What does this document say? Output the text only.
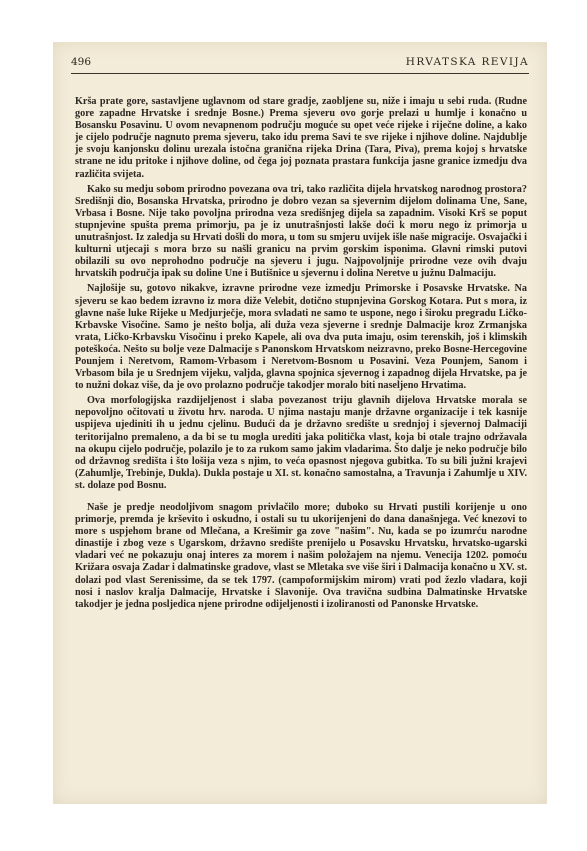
496	HRVATSKA REVIJA

Krša prate gore, sastavljene uglavnom od stare gradje, zaobljene su, niže i imaju u sebi ruda. (Rudne gore zapadne Hrvatske i srednje Bosne.) Prema sjeveru ovo gorje prelazi u humlje i konačno u Bosansku Posavinu. U ovom nevapnenom području moguće su opet veće rijeke i riječne doline, a kako je cijelo područje nagnuto prema sjeveru, tako idu prema Savi te sve rijeke i njihove doline. Najdublje je svoju kanjonsku dolinu urezala istočna granična rijeka Drina (Tara, Piva), prema kojoj s hrvatske strane ne idu pritoke i njihove doline, od čega joj poznata prastara funkcija jasne granice izmedju dva različita svijeta.

Kako su medju sobom prirodno povezana ova tri, tako različita dijela hrvatskog narodnog prostora? Središnji dio, Bosanska Hrvatska, prirodno je dobro vezan sa sjevernim dijelom dolinama Une, Sane, Vrbasa i Bosne. Nije tako povoljna prirodna veza središnjeg dijela sa zapadnim. Visoki Krš se poput stupnjevine spušta prema primorju, pa je iz unutrašnjosti lakše doći k moru nego iz primorja u unutrašnjost. Iz zaledja su Hrvati došli do mora, u tom su smjeru uvijek išle naše migracije. Osvajački i kulturni utjecaji s mora brzo su našli granicu na prvim gorskim isponima. Glavni rimski putovi obilazili su ovo neprohodno područje na sjeveru i jugu. Najpovoljnije prirodne veze ovih dvaju hrvatskih područja ipak su doline Une i Butišnice u sjevernu i dolina Neretve u južnu Dalmaciju.

Najlošije su, gotovo nikakve, izravne prirodne veze izmedju Primorske i Posavske Hrvatske. Na sjeveru se kao bedem izravno iz mora diže Velebit, dotično stupnjevina Gorskog Kotara. Put s mora, iz glavne naše luke Rijeke u Medjurječje, mora svladati ne samo te uspone, nego i široku pregradu Ličko-Krbavske Visočine. Samo je nešto bolja, ali duža veza sjeverne i srednje Dalmacije kroz Zrmanjska vrata, Ličko-Krbavsku Visočinu i preko Kapele, ali ova dva puta imaju, osim terenskih, još i klimskih poteškoća. Nešto su bolje veze Dalmacije s Panonskom Hrvatskom neizravno, preko Bosne-Hercegovine Pounjem i Neretvom, Ramom-Vrbasom i Neretvom-Bosnom u Posavini. Veza Pounjem, Sanom i Vrbasom bila je u Srednjem vijeku, valjda, glavna spojnica sjevernog i zapadnog dijela Hrvatske, pa je to nužni dokaz više, da je ovo prolazno područje takodjer moralo biti naseljeno Hrvatima.

Ova morfologijska razdijeljenost i slaba povezanost triju glavnih dijelova Hrvatske morala se nepovoljno očitovati u životu hrv. naroda. U njima nastaju manje državne organizacije i tek kasnije uspijeva ujediniti ih u jednu cjelinu. Budući da je državno središte u srednjoj i sjevernoj Dalmaciji teritorijalno premaleno, a da bi se tu mogla urediti jaka politička vlast, koja bi otale trajno održavala na okupu cijelo područje, polazilo je to za rukom samo jakim vladarima. Što dalje je neko područje bilo od državnog središta i što lošija veza s njim, to veća opasnost njegova gubitka. To su bili južni krajevi (Zahumlje, Trebinje, Dukla). Dukla postaje u XI. st. konačno samostalna, a Travunja i Zahumlje u XIV. st. dolaze pod Bosnu.

Naše je predje neodoljivom snagom privlačilo more; duboko su Hrvati pustili korijenje u ono primorje, premda je krševito i oskudno, i ostali su tu ukorijenjeni do dana današnjega. Već knezovi to more s uspjehom brane od Mlečana, a Krešimir ga zove "našim". Nu, kada se po izumrću narodne dinastije i zbog veze s Ugarskom, državno središte prenijelo u Posavsku Hrvatsku, hrvatsko-ugarski vladari već ne pokazuju onaj interes za morem i našim položajem na njemu. Venecija 1202. pomoću Križara osvaja Zadar i dalmatinske gradove, vlast se Mletaka sve više širi i Dalmacija konačno u XV. st. dolazi pod vlast Serenissime, da se tek 1797. (campoformijskim mirom) vrati pod žezlo vladara, koji nosi i naslov kralja Dalmacije, Hrvatske i Slavonije. Ova travična sudbina Dalmatinske Hrvatske takodjer je jedna posljedica njene prirodne odijeljenosti i izoliranosti od Panonske Hrvatske.
